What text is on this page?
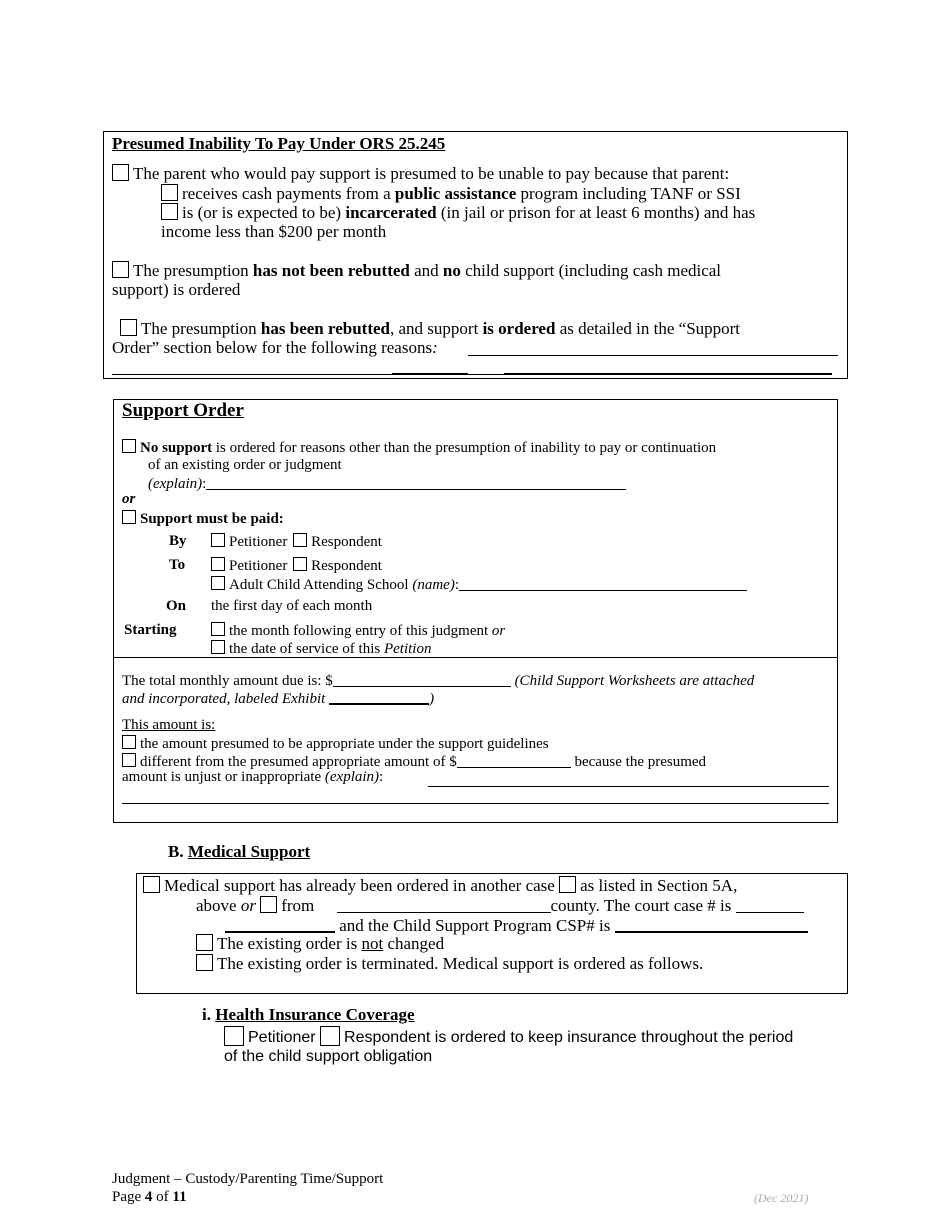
Presumed Inability To Pay Under ORS 25.245
The parent who would pay support is presumed to be unable to pay because that parent:
receives cash payments from a public assistance program including TANF or SSI
is (or is expected to be) incarcerated (in jail or prison for at least 6 months) and has
income less than $200 per month
The presumption has not been rebutted and no child support (including cash medical
support) is ordered
The presumption has been rebutted, and support is ordered as detailed in the “Support
Order” section below for the following reasons:
Support Order
No support is ordered for reasons other than the presumption of inability to pay or continuation
of an existing order or judgment
(explain):
or
Support must be paid:
By	Petitioner Respondent
To	Petitioner Respondent
Adult Child Attending School (name):
On the first day of each month
Starting	the month following entry of this judgment or
the date of service of this Petition
The total monthly amount due is: $	(Child Support Worksheets are attached
and incorporated, labeled Exhibit	)
This amount is:
the amount presumed to be appropriate under the support guidelines
different from the presumed appropriate amount of $	because the presumed
amount is unjust or inappropriate (explain):
B. Medical Support
Medical support has already been ordered in another case as listed in Section 5A,
above or from	county. The court case # is
and the Child Support Program CSP# is
The existing order is not changed
The existing order is terminated. Medical support is ordered as follows.
i. Health Insurance Coverage
Petitioner Respondent is ordered to keep insurance throughout the period
of the child support obligation
Judgment – Custody/Parenting Time/Support
Page 4 of 11	(Dec 2021)
